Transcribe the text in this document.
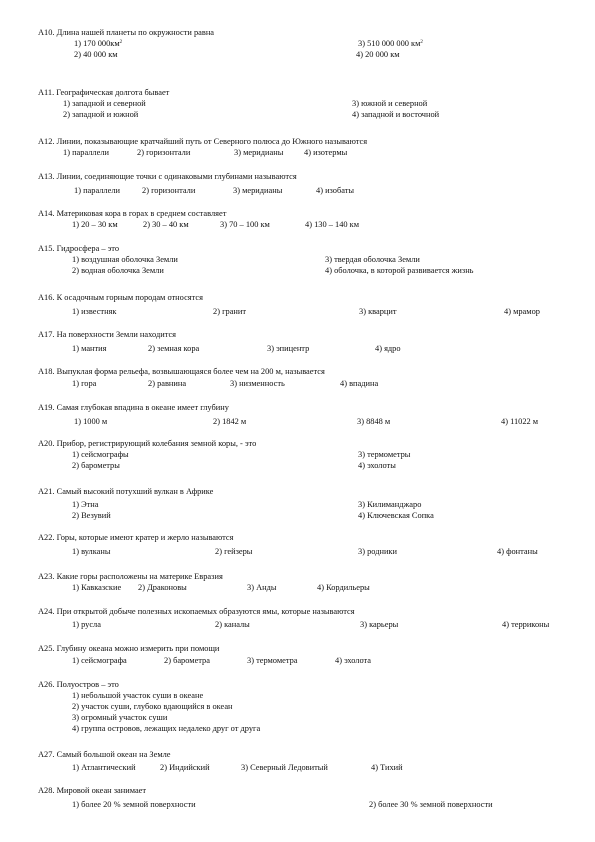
А10. Длина нашей планеты по окружности равна
1) 170 $000км^2$	3) 510 000 000 $км^2$
2) 40 000 км	4) 20 000 км
А11. Географическая долгота бывает
1) западной и северной	3) южной и северной
2) западной и южной	4) западной и восточной
А12. Линии, показывающие кратчайший путь от Северного полюса до Южного называются
1) параллели	2) горизонтали	3) меридианы 4) изотермы
А13. Линии, соединяющие точки с одинаковыми глубинами называются
1) параллели	2) горизонтали	3) меридианы	4) изобаты
А14. Материковая кора в горах в среднем составляет
1) 20 – 30 км	2) 30 – 40 км	3) 70 – 100 км	4) 130 – 140 км
А15. Гидросфера – это
1) воздушная оболочка Земли	3) твердая оболочка Земли
2) водная оболочка Земли	4) оболочка, в которой развивается жизнь
А16. К осадочным горным породам относятся
1) известняк	2) гранит	3) кварцит	4) мрамор
А17. На поверхности Земли находится
1) мантия	2) земная кора	3) эпицентр	4) ядро
А18. Выпуклая форма рельефа, возвышающаяся более чем на 200 м, называется
1) гора	2) равнина	3) низменность	4) впадина
А19. Самая глубокая впадина в океане имеет глубину
1) 1000 м	2) 1842 м	3) 8848 м	4) 11022 м
А20. Прибор, регистрирующий колебания земной коры, - это
1) сейсмографы	3) термометры
2) барометры	4) эхолоты
А21. Самый высокий потухший вулкан в Африке
1) Этна	3) Килиманджаро
2) Везувий	4) Ключевская Сопка
А22. Горы, которые имеют кратер и жерло называются
1) вулканы	2) гейзеры	3) родники	4) фонтаны
А23. Какие горы расположены на материке Евразия
1) Кавказские 2) Драконовы	3) Анды	4) Кордильеры
А24. При открытой добыче полезных ископаемых образуются ямы, которые называются
1) русла	2) каналы	3) карьеры	4) терриконы
А25. Глубину океана можно измерить при помощи
1) сейсмографа	2) барометра	3) термометра	4) эхолота
А26. Полуостров – это
1) небольшой участок суши в океане
2) участок суши, глубоко вдающийся в океан
3) огромный участок суши
4) группа островов, лежащих недалеко друг от друга
А27. Самый большой океан на Земле
1) Атлантический	2) Индийский	3) Северный Ледовитый	4) Тихий
А28. Мировой океан занимает
1) более 20 % земной поверхности	2) более 30 % земной поверхности
